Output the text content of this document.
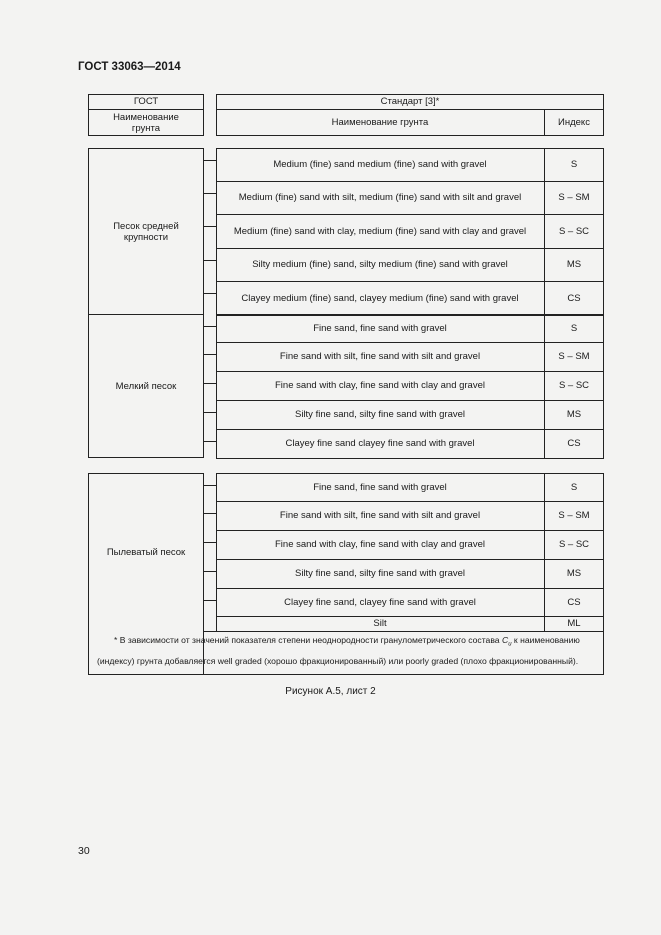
ГОСТ 33063—2014
ГОСТ	Стандарт [3]*
Наименование грунта	Наименование грунта	Индекс
Песок средней крупности
Medium (fine) sand medium (fine) sand with gravel	S
Medium (fine) sand with silt, medium (fine) sand with silt and gravel	S – SM
Medium (fine) sand with clay, medium (fine) sand with clay and gravel	S – SC
Silty medium (fine) sand, silty medium (fine) sand with gravel	MS
Clayey medium (fine) sand, clayey medium (fine) sand with gravel	CS
Мелкий песок
Fine sand, fine sand with gravel	S
Fine sand with silt, fine sand with silt and gravel	S – SM
Fine sand with clay, fine sand with clay and gravel	S – SC
Silty fine sand, silty fine sand with gravel	MS
Clayey fine sand clayey fine sand with gravel	CS
Пылеватый песок
Fine sand, fine sand with gravel	S
Fine sand with silt, fine sand with silt and gravel	S – SM
Fine sand with clay, fine sand with clay and gravel	S – SC
Silty fine sand, silty fine sand with gravel	MS
Clayey fine sand, clayey fine sand with gravel	CS
Silt	ML
* В зависимости от значений показателя степени неоднородности гранулометрического состава $C_u$ к наименованию (индексу) грунта добавляется well graded (хорошо фракционированный) или poorly graded (плохо фракционированный).
Рисунок А.5, лист 2
30
